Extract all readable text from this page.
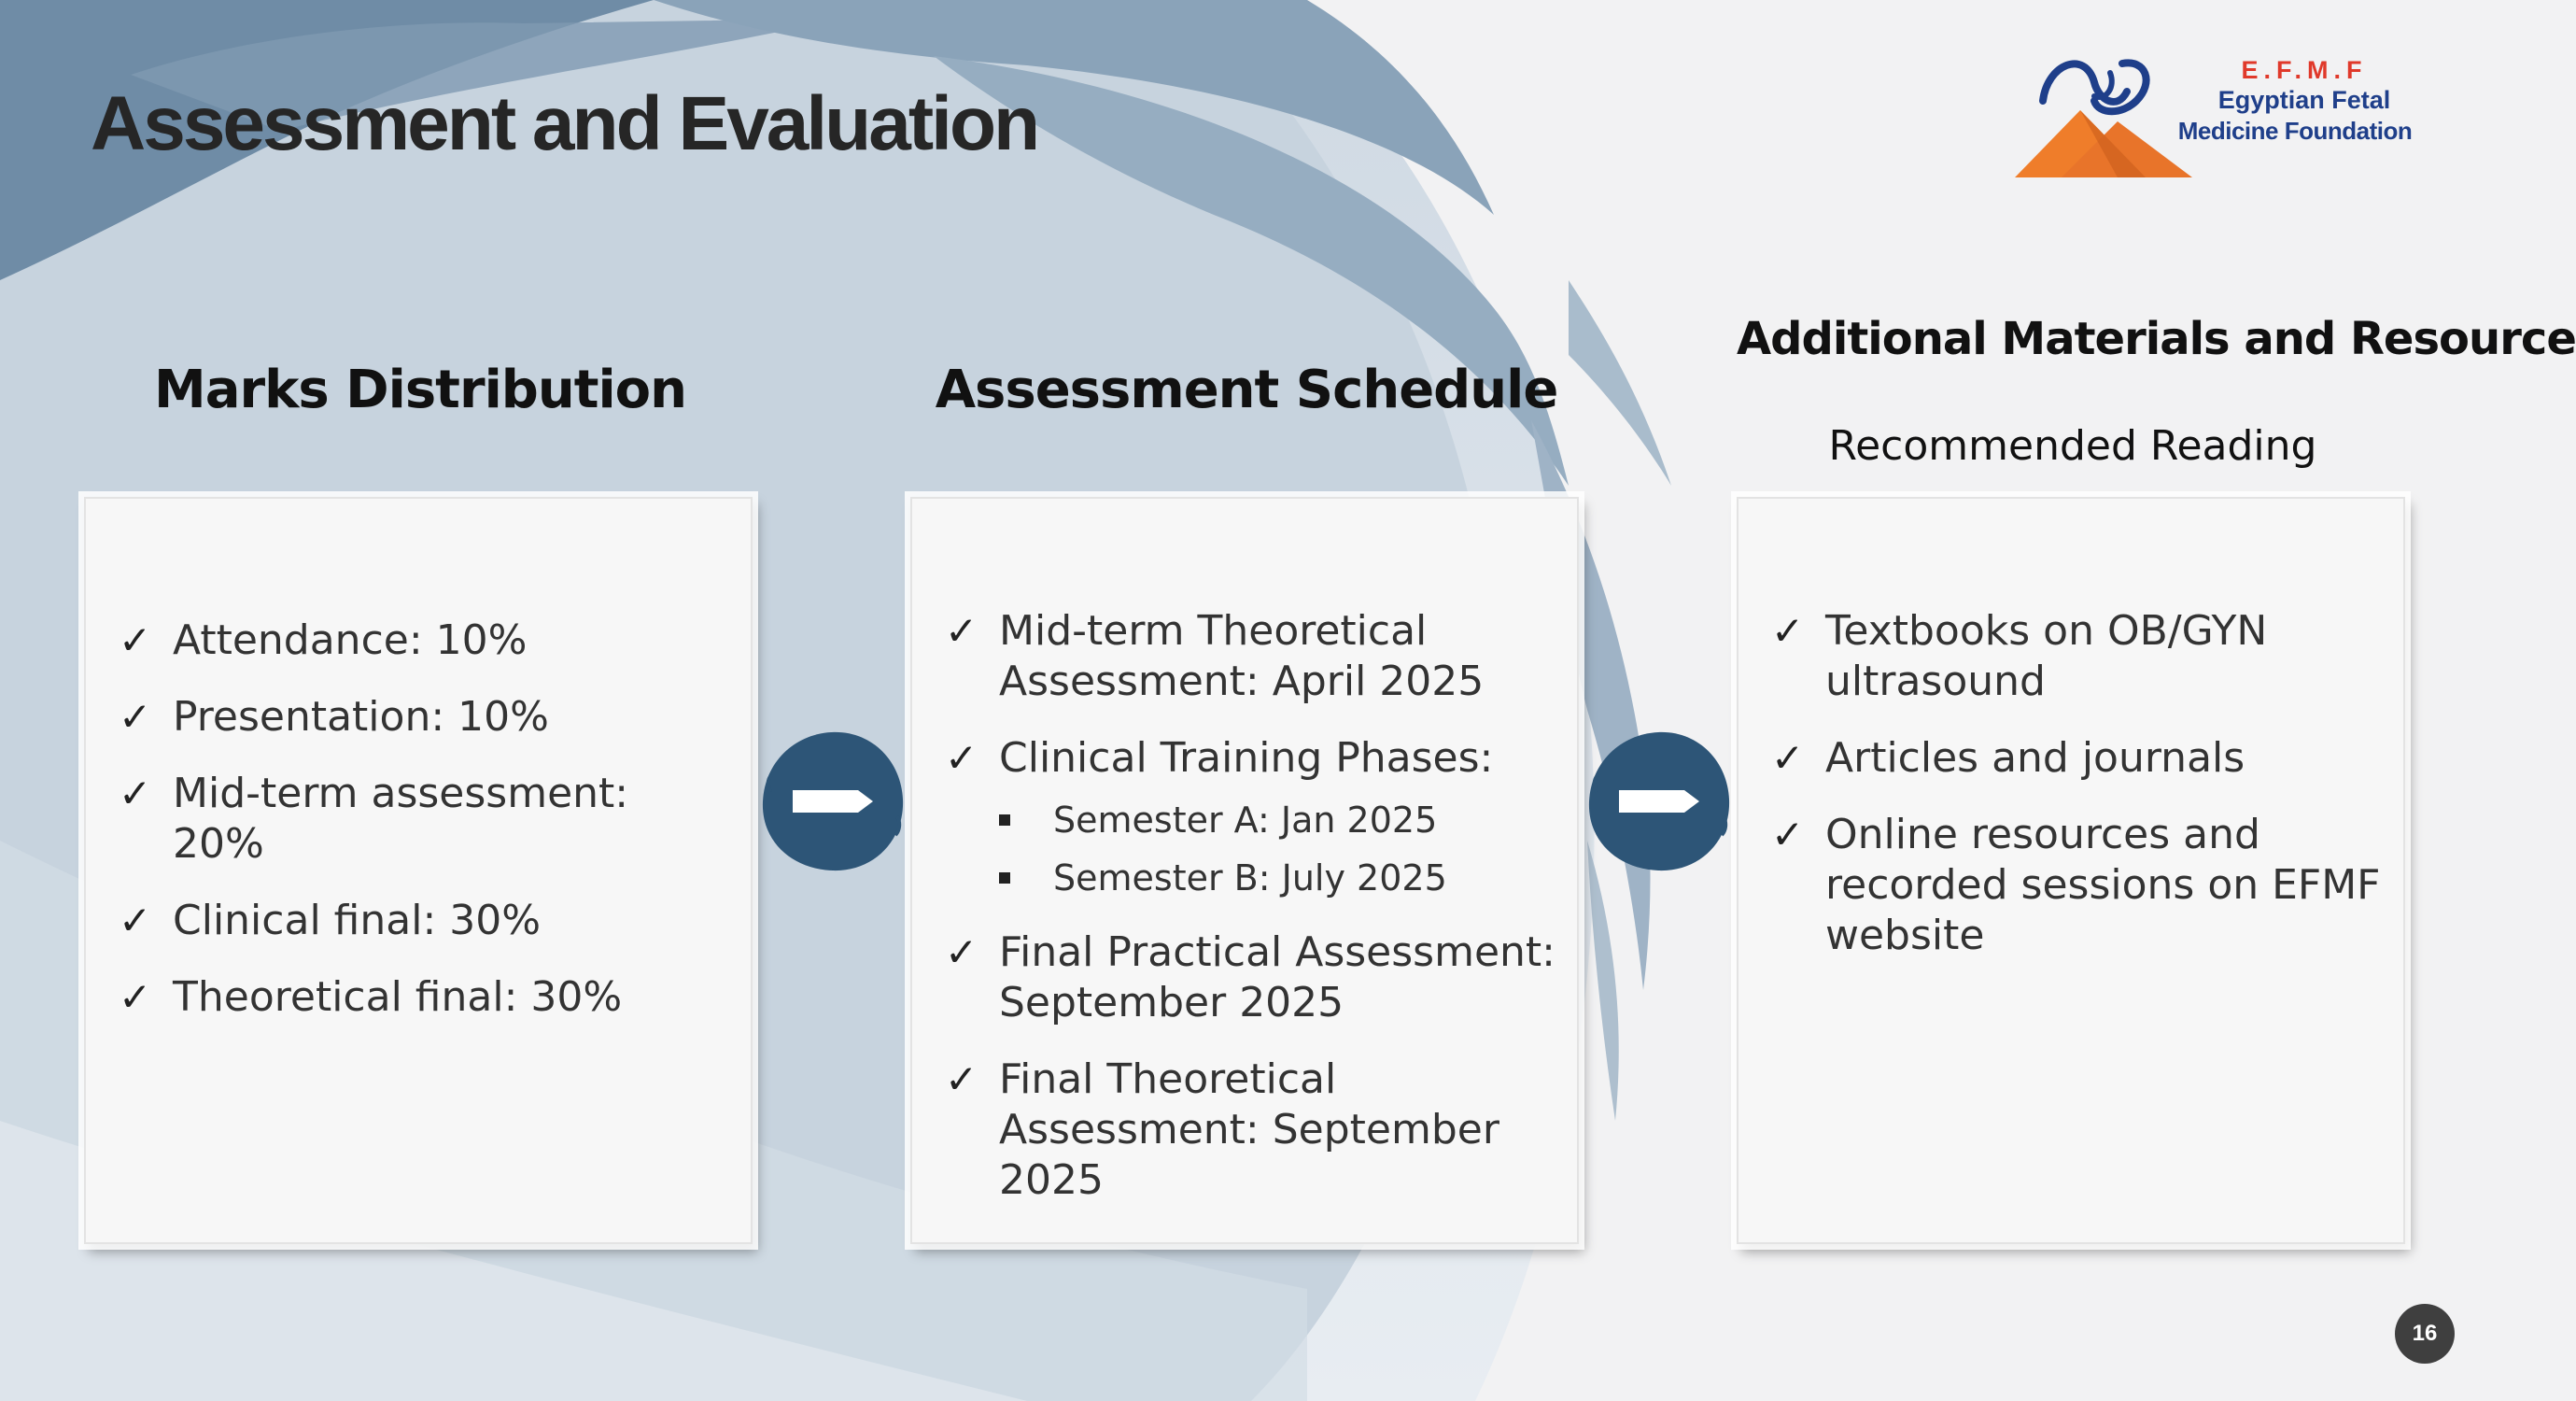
Assessment and Evaluation
E.F.M.F
Egyptian Fetal
Medicine Foundation
Marks Distribution	Assessment Schedule
Additional Materials and Resource
Recommended Reading
✓ Attendance: 10%
✓ Presentation: 10%
✓ Mid-term assessment: 20%
✓ Clinical final: 30%
✓ Theoretical final: 30%
✓ Mid-term Theoretical Assessment: April 2025
✓ Clinical Training Phases:
Semester A: Jan 2025
Semester B: July 2025
✓ Final Practical Assessment: September 2025
✓ Final Theoretical Assessment: September 2025
✓ Textbooks on OB/GYN ultrasound
✓ Articles and journals
✓ Online resources and recorded sessions on EFMF website
16
